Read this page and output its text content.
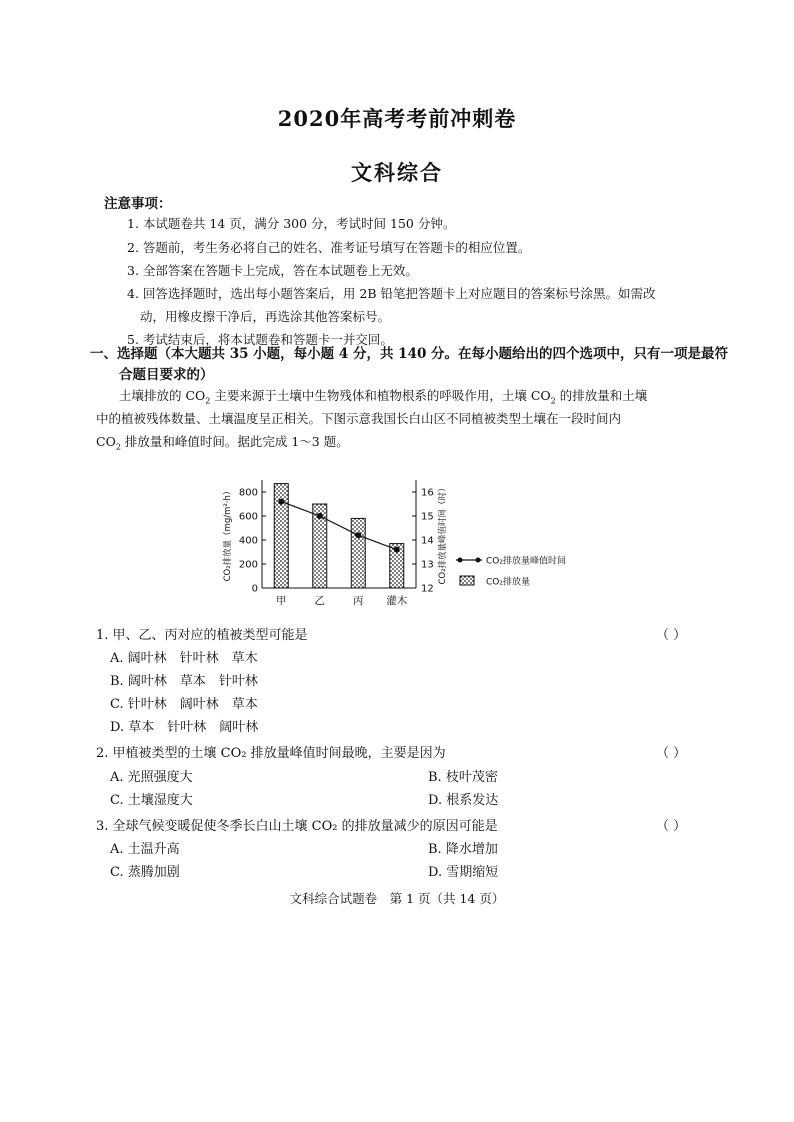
2020年高考考前冲刺卷
文科综合
注意事项：
1. 本试题卷共 14 页，满分 300 分，考试时间 150 分钟。
2. 答题前，考生务必将自己的姓名、准考证号填写在答题卡的相应位置。
3. 全部答案在答题卡上完成，答在本试题卷上无效。
4. 回答选择题时，选出每小题答案后，用 2B 铅笔把答题卡上对应题目的答案标号涂黑。如需改
动，用橡皮擦干净后，再选涂其他答案标号。
5. 考试结束后，将本试题卷和答题卡一并交回。
一、选择题（本大题共 35 小题，每小题 4 分，共 140 分。在每小题给出的四个选项中，只有一项是最符
合题目要求的）
土壤排放的 $CO_2$ 主要来源于土壤中生物残体和植物根系的呼吸作用，土壤 $CO_2$ 的排放量和土壤
中的植被残体数量、土壤温度呈正相关。下图示意我国长白山区不同植被类型土壤在一段时间内
$CO_2$ 排放量和峰值时间。据此完成 1～3 题。
0
200
400
600
800
12
13
14
15
16
CO₂排放量（mg/m²·h）	CO₂排放量峰值时间（时）
甲	乙	丙 灌木
CO₂排放量峰值时间
CO₂排放量
1. 甲、乙、丙对应的植被类型可能是	（ ）
A. 阔叶林　针叶林　草木
B. 阔叶林　草本　针叶林
C. 针叶林　阔叶林　草本
D. 草本　针叶林　阔叶林
2. 甲植被类型的土壤 CO₂ 排放量峰值时间最晚，主要是因为	（ ）
A. 光照强度大	B. 枝叶茂密
C. 土壤湿度大	D. 根系发达
3. 全球气候变暖促使冬季长白山土壤 CO₂ 的排放量减少的原因可能是	（ ）
A. 土温升高	B. 降水增加
C. 蒸腾加剧	D. 雪期缩短
文科综合试题卷　第 1 页（共 14 页）
